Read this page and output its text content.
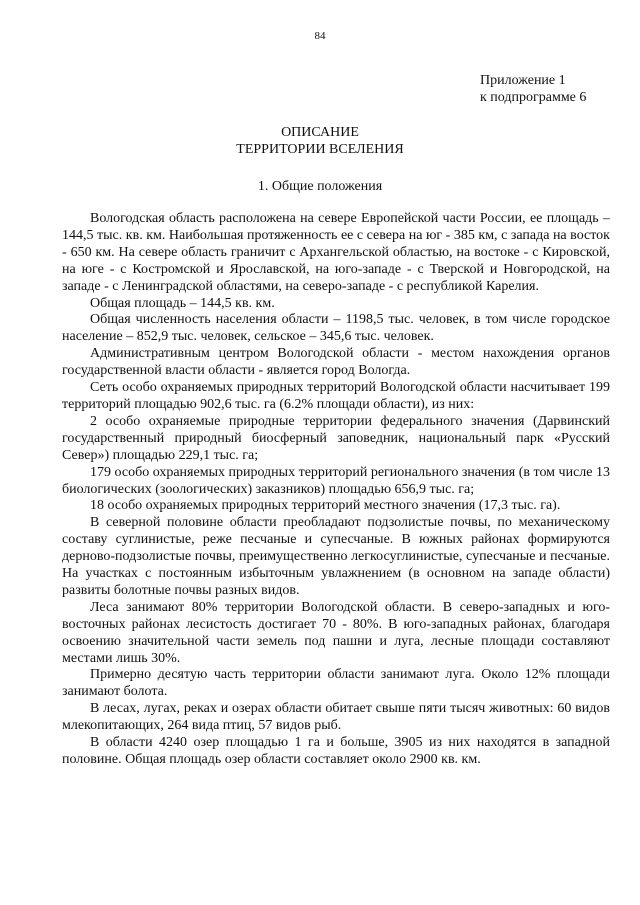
84
Приложение 1
к подпрограмме 6
ОПИСАНИЕ
ТЕРРИТОРИИ ВСЕЛЕНИЯ
1. Общие положения

Вологодская область расположена на севере Европейской части России, ее площадь – 144,5 тыс. кв. км. Наибольшая протяженность ее с севера на юг - 385 км, с запада на восток - 650 км. На севере область граничит с Архангельской областью, на востоке - с Кировской, на юге - с Костромской и Ярославской, на юго-западе - с Тверской и Новгородской, на западе - с Ленинградской областями, на северо-западе - с республикой Карелия.

Общая площадь – 144,5 кв. км.

Общая численность населения области – 1198,5 тыс. человек, в том числе городское население – 852,9 тыс. человек, сельское – 345,6 тыс. человек.

Административным центром Вологодской области - местом нахождения органов государственной власти области - является город Вологда.

Сеть особо охраняемых природных территорий Вологодской области насчитывает 199 территорий площадью 902,6 тыс. га (6.2% площади области), из них:

2 особо охраняемые природные территории федерального значения (Дарвинский государственный природный биосферный заповедник, национальный парк «Русский Север») площадью 229,1 тыс. га;

179 особо охраняемых природных территорий регионального значения (в том числе 13 биологических (зоологических) заказников) площадью 656,9 тыс. га;

18 особо охраняемых природных территорий местного значения (17,3 тыс. га).

В северной половине области преобладают подзолистые почвы, по механическому составу суглинистые, реже песчаные и супесчаные. В южных районах формируются дерново-подзолистые почвы, преимущественно легкосуглинистые, супесчаные и песчаные. На участках с постоянным избыточным увлажнением (в основном на западе области) развиты болотные почвы разных видов.

Леса занимают 80% территории Вологодской области. В северо-западных и юго-восточных районах лесистость достигает 70 - 80%. В юго-западных районах, благодаря освоению значительной части земель под пашни и луга, лесные площади составляют местами лишь 30%.

Примерно десятую часть территории области занимают луга. Около 12% площади занимают болота.

В лесах, лугах, реках и озерах области обитает свыше пяти тысяч животных: 60 видов млекопитающих, 264 вида птиц, 57 видов рыб.

В области 4240 озер площадью 1 га и больше, 3905 из них находятся в западной половине. Общая площадь озер области составляет около 2900 кв. км.
